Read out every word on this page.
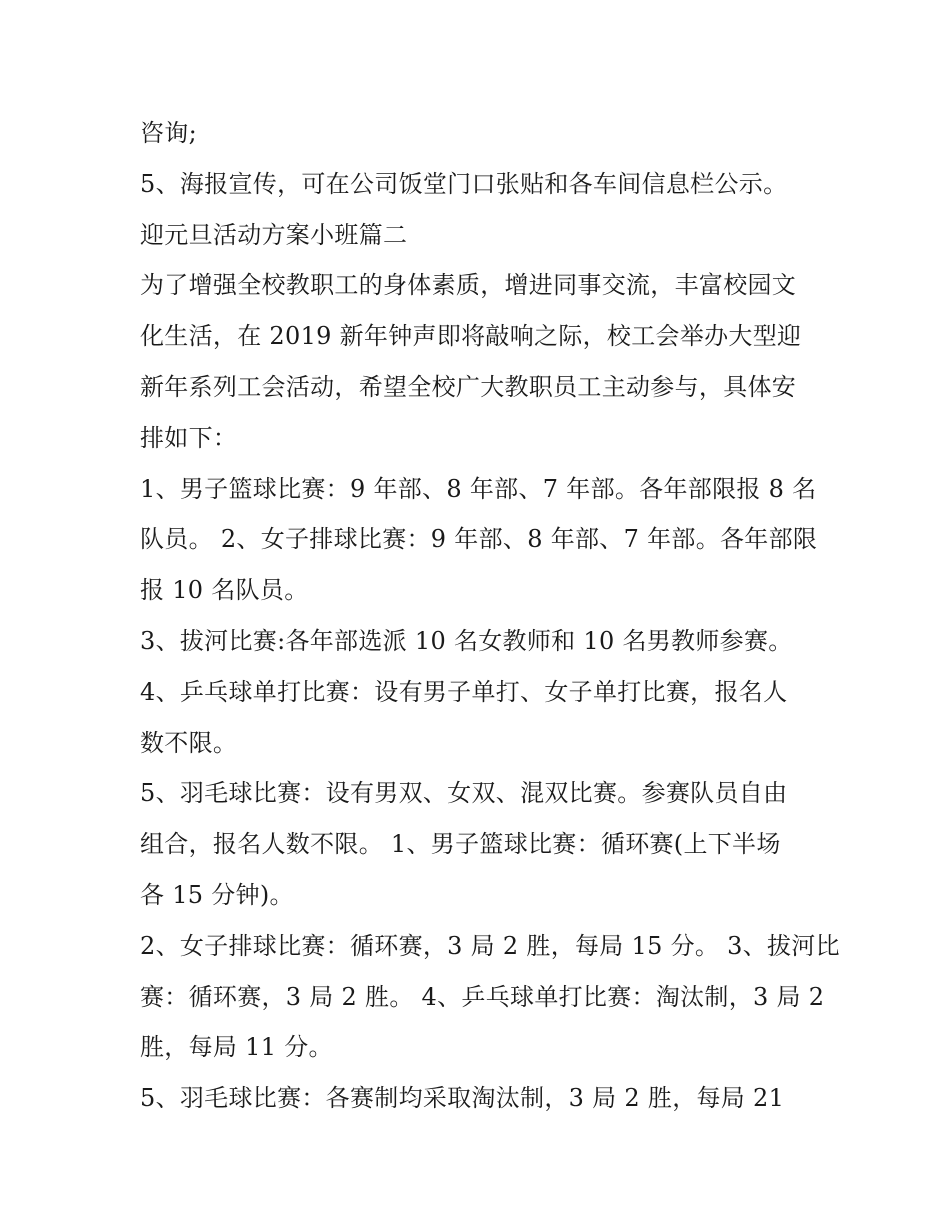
咨询;
5、海报宣传，可在公司饭堂门口张贴和各车间信息栏公示。
迎元旦活动方案小班篇二
为了增强全校教职工的身体素质，增进同事交流，丰富校园文
化生活，在 2019 新年钟声即将敲响之际，校工会举办大型迎
新年系列工会活动，希望全校广大教职员工主动参与，具体安
排如下：
1、男子篮球比赛：9 年部、8 年部、7 年部。各年部限报 8 名
队员。 2、女子排球比赛：9 年部、8 年部、7 年部。各年部限
报 10 名队员。
3、拔河比赛:各年部选派 10 名女教师和 10 名男教师参赛。
4、乒乓球单打比赛：设有男子单打、女子单打比赛，报名人
数不限。
5、羽毛球比赛：设有男双、女双、混双比赛。参赛队员自由
组合，报名人数不限。 1、男子篮球比赛：循环赛(上下半场
各 15 分钟)。
2、女子排球比赛：循环赛，3 局 2 胜，每局 15 分。 3、拔河比
赛：循环赛，3 局 2 胜。 4、乒乓球单打比赛：淘汰制，3 局 2
胜，每局 11 分。
5、羽毛球比赛：各赛制均采取淘汰制，3 局 2 胜，每局 21
